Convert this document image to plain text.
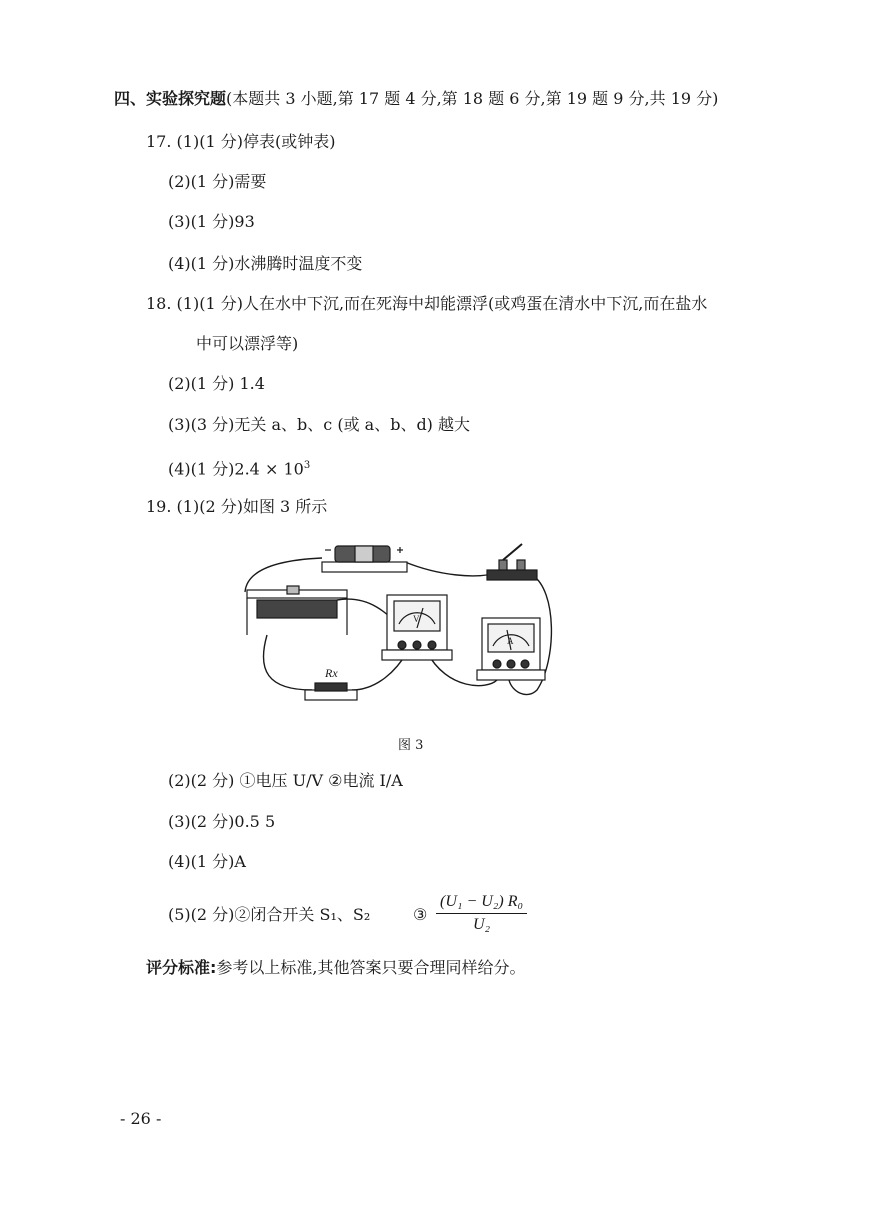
四、实验探究题(本题共 3 小题,第 17 题 4 分,第 18 题 6 分,第 19 题 9 分,共 19 分)
17. (1)(1 分)停表(或钟表)
(2)(1 分)需要
(3)(1 分)93
(4)(1 分)水沸腾时温度不变
18. (1)(1 分)人在水中下沉,而在死海中却能漂浮(或鸡蛋在清水中下沉,而在盐水
中可以漂浮等)
(2)(1 分) 1.4
(3)(3 分)无关 a、b、c (或 a、b、d) 越大
(4)(1 分)$2.4 \times 10^3$
19. (1)(2 分)如图 3 所示
V
A
Rx
图 3
(2)(2 分) ①电压 U/V ②电流 I/A
(3)(2 分)0.5 5
(4)(1 分)A
(5)(2 分)②闭合开关 S₁、S₂	③ $\frac{\text{(U₁ − U₂) R₀}}{\text{U₂}}$
评分标准:参考以上标准,其他答案只要合理同样给分。
- 26 -
